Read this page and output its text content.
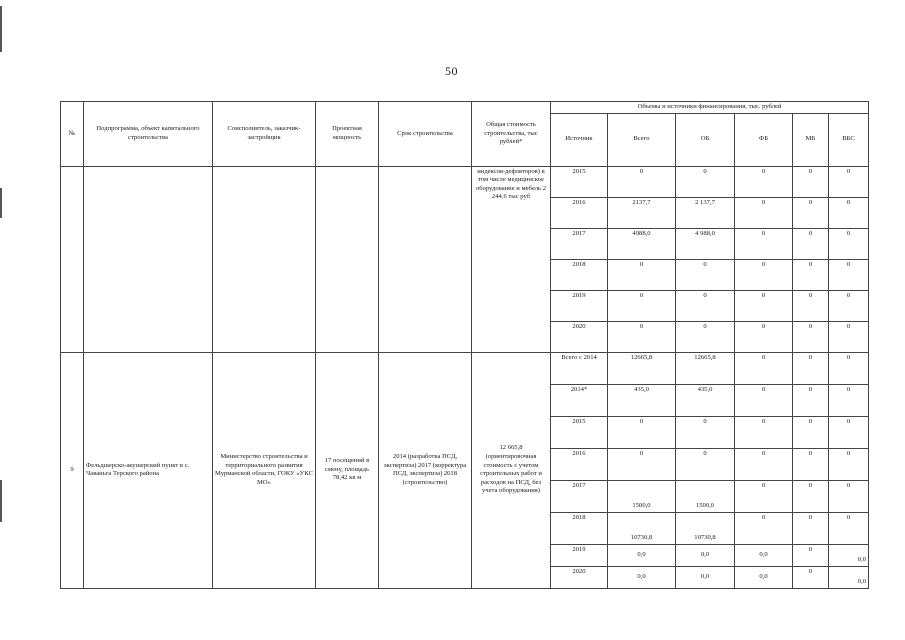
50
№	Подпрограмма, объект капитального строительства	Соисполнитель, заказчик-застройщик	Проектная мощность	Срок строительства	Общая стоимость строительства, тыс рублей*	Объемы и источники финансирования, тыс. рублей					
						Источник	Всего	ОБ	ФБ	МБ	ВБС
					индексов-дефляторов) в том числе медицинское оборудование и мебель 2 244,6 тыс руб	2015	0	0	0	0	0
						2016	2137,7	2 137,7	0	0	0
						2017	4988,0	4 988,0	0	0	0
						2018	0	0	0	0	0
						2019	0	0	0	0	0
						2020	0	0	0	0	0
9	Фельдшерско-акушерский пункт в с. Чаваньга Терского района	Министерство строительства и территориального развития Мурманской области, ГОКУ «УКС МО»	17 посещений в смену, площадь 78,42 кв м	2014 (разработка ПСД, экспертиза) 2017 (корректура ПСД, экспертиза) 2018 (строительство)	12 665,8 (ориентировочная стоимость с учетом строительных работ и расходов на ПСД, без учета оборудования)	Всего с 2014	12665,8	12665,8	0	0	0
						2014*	435,0	435,0	0	0	0
						2015	0	0	0	0	0
						2016	0	0	0	0	0
						2017	1500,0	1500,0	0	0	0
						2018	10730,8	10730,8	0	0	0
						2019	0,0	0,0	0,0	0	0,0
						2020	0,0	0,0	0,0	0	0,0
